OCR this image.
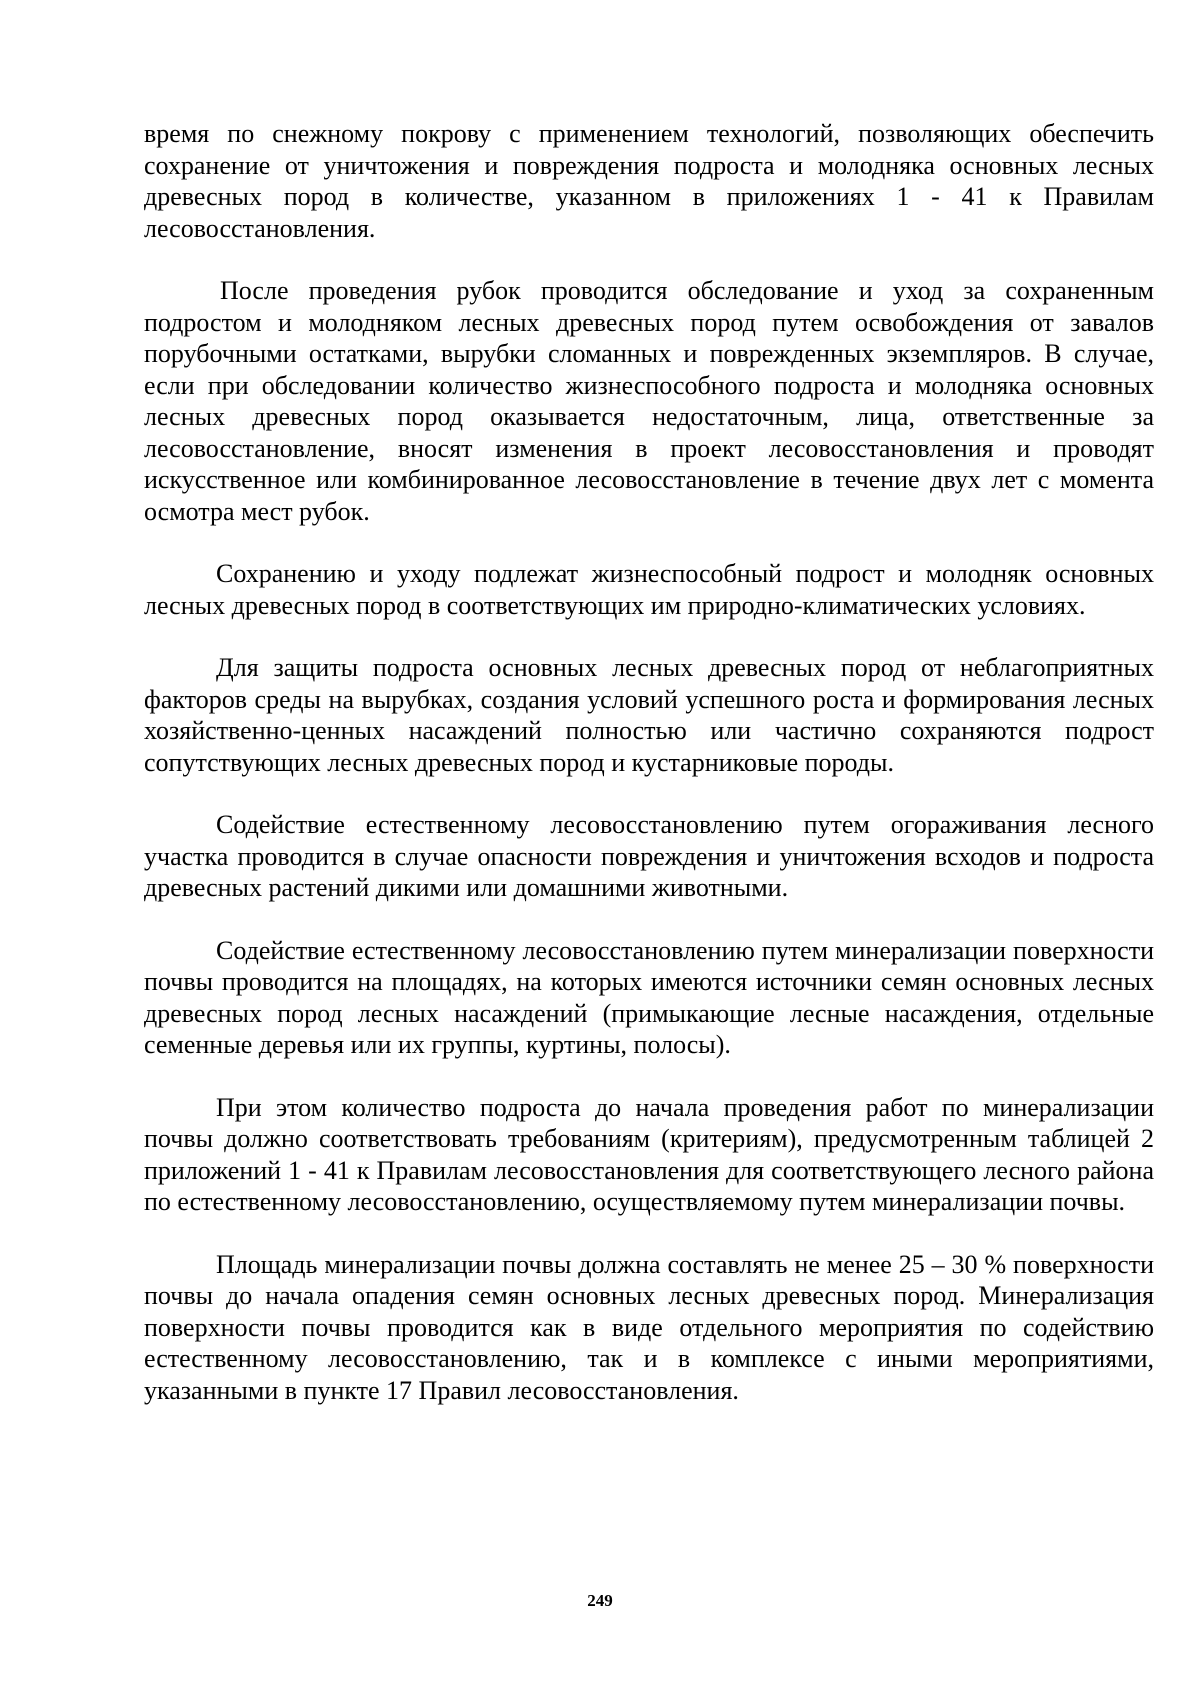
время по снежному покрову с применением технологий, позволяющих обеспечить сохранение от уничтожения и повреждения подроста и молодняка основных лесных древесных пород в количестве, указанном в приложениях 1 - 41 к Правилам лесовосстановления.

После проведения рубок проводится обследование и уход за сохраненным подростом и молодняком лесных древесных пород путем освобождения от завалов порубочными остатками, вырубки сломанных и поврежденных экземпляров. В случае, если при обследовании количество жизнеспособного подроста и молодняка основных лесных древесных пород оказывается недостаточным, лица, ответственные за лесовосстановление, вносят изменения в проект лесовосстановления и проводят искусственное или комбинированное лесовосстановление в течение двух лет с момента осмотра мест рубок.

Сохранению и уходу подлежат жизнеспособный подрост и молодняк основных лесных древесных пород в соответствующих им природно-климатических условиях.

Для защиты подроста основных лесных древесных пород от неблагоприятных факторов среды на вырубках, создания условий успешного роста и формирования лесных хозяйственно-ценных насаждений полностью или частично сохраняются подрост сопутствующих лесных древесных пород и кустарниковые породы.

Содействие естественному лесовосстановлению путем огораживания лесного участка проводится в случае опасности повреждения и уничтожения всходов и подроста древесных растений дикими или домашними животными.

Содействие естественному лесовосстановлению путем минерализации поверхности почвы проводится на площадях, на которых имеются источники семян основных лесных древесных пород лесных насаждений (примыкающие лесные насаждения, отдельные семенные деревья или их группы, куртины, полосы).

При этом количество подроста до начала проведения работ по минерализации почвы должно соответствовать требованиям (критериям), предусмотренным таблицей 2 приложений 1 - 41 к Правилам лесовосстановления для соответствующего лесного района по естественному лесовосстановлению, осуществляемому путем минерализации почвы.

Площадь минерализации почвы должна составлять не менее 25 – 30 % поверхности почвы до начала опадения семян основных лесных древесных пород. Минерализация поверхности почвы проводится как в виде отдельного мероприятия по содействию естественному лесовосстановлению, так и в комплексе с иными мероприятиями, указанными в пункте 17 Правил лесовосстановления.

249
